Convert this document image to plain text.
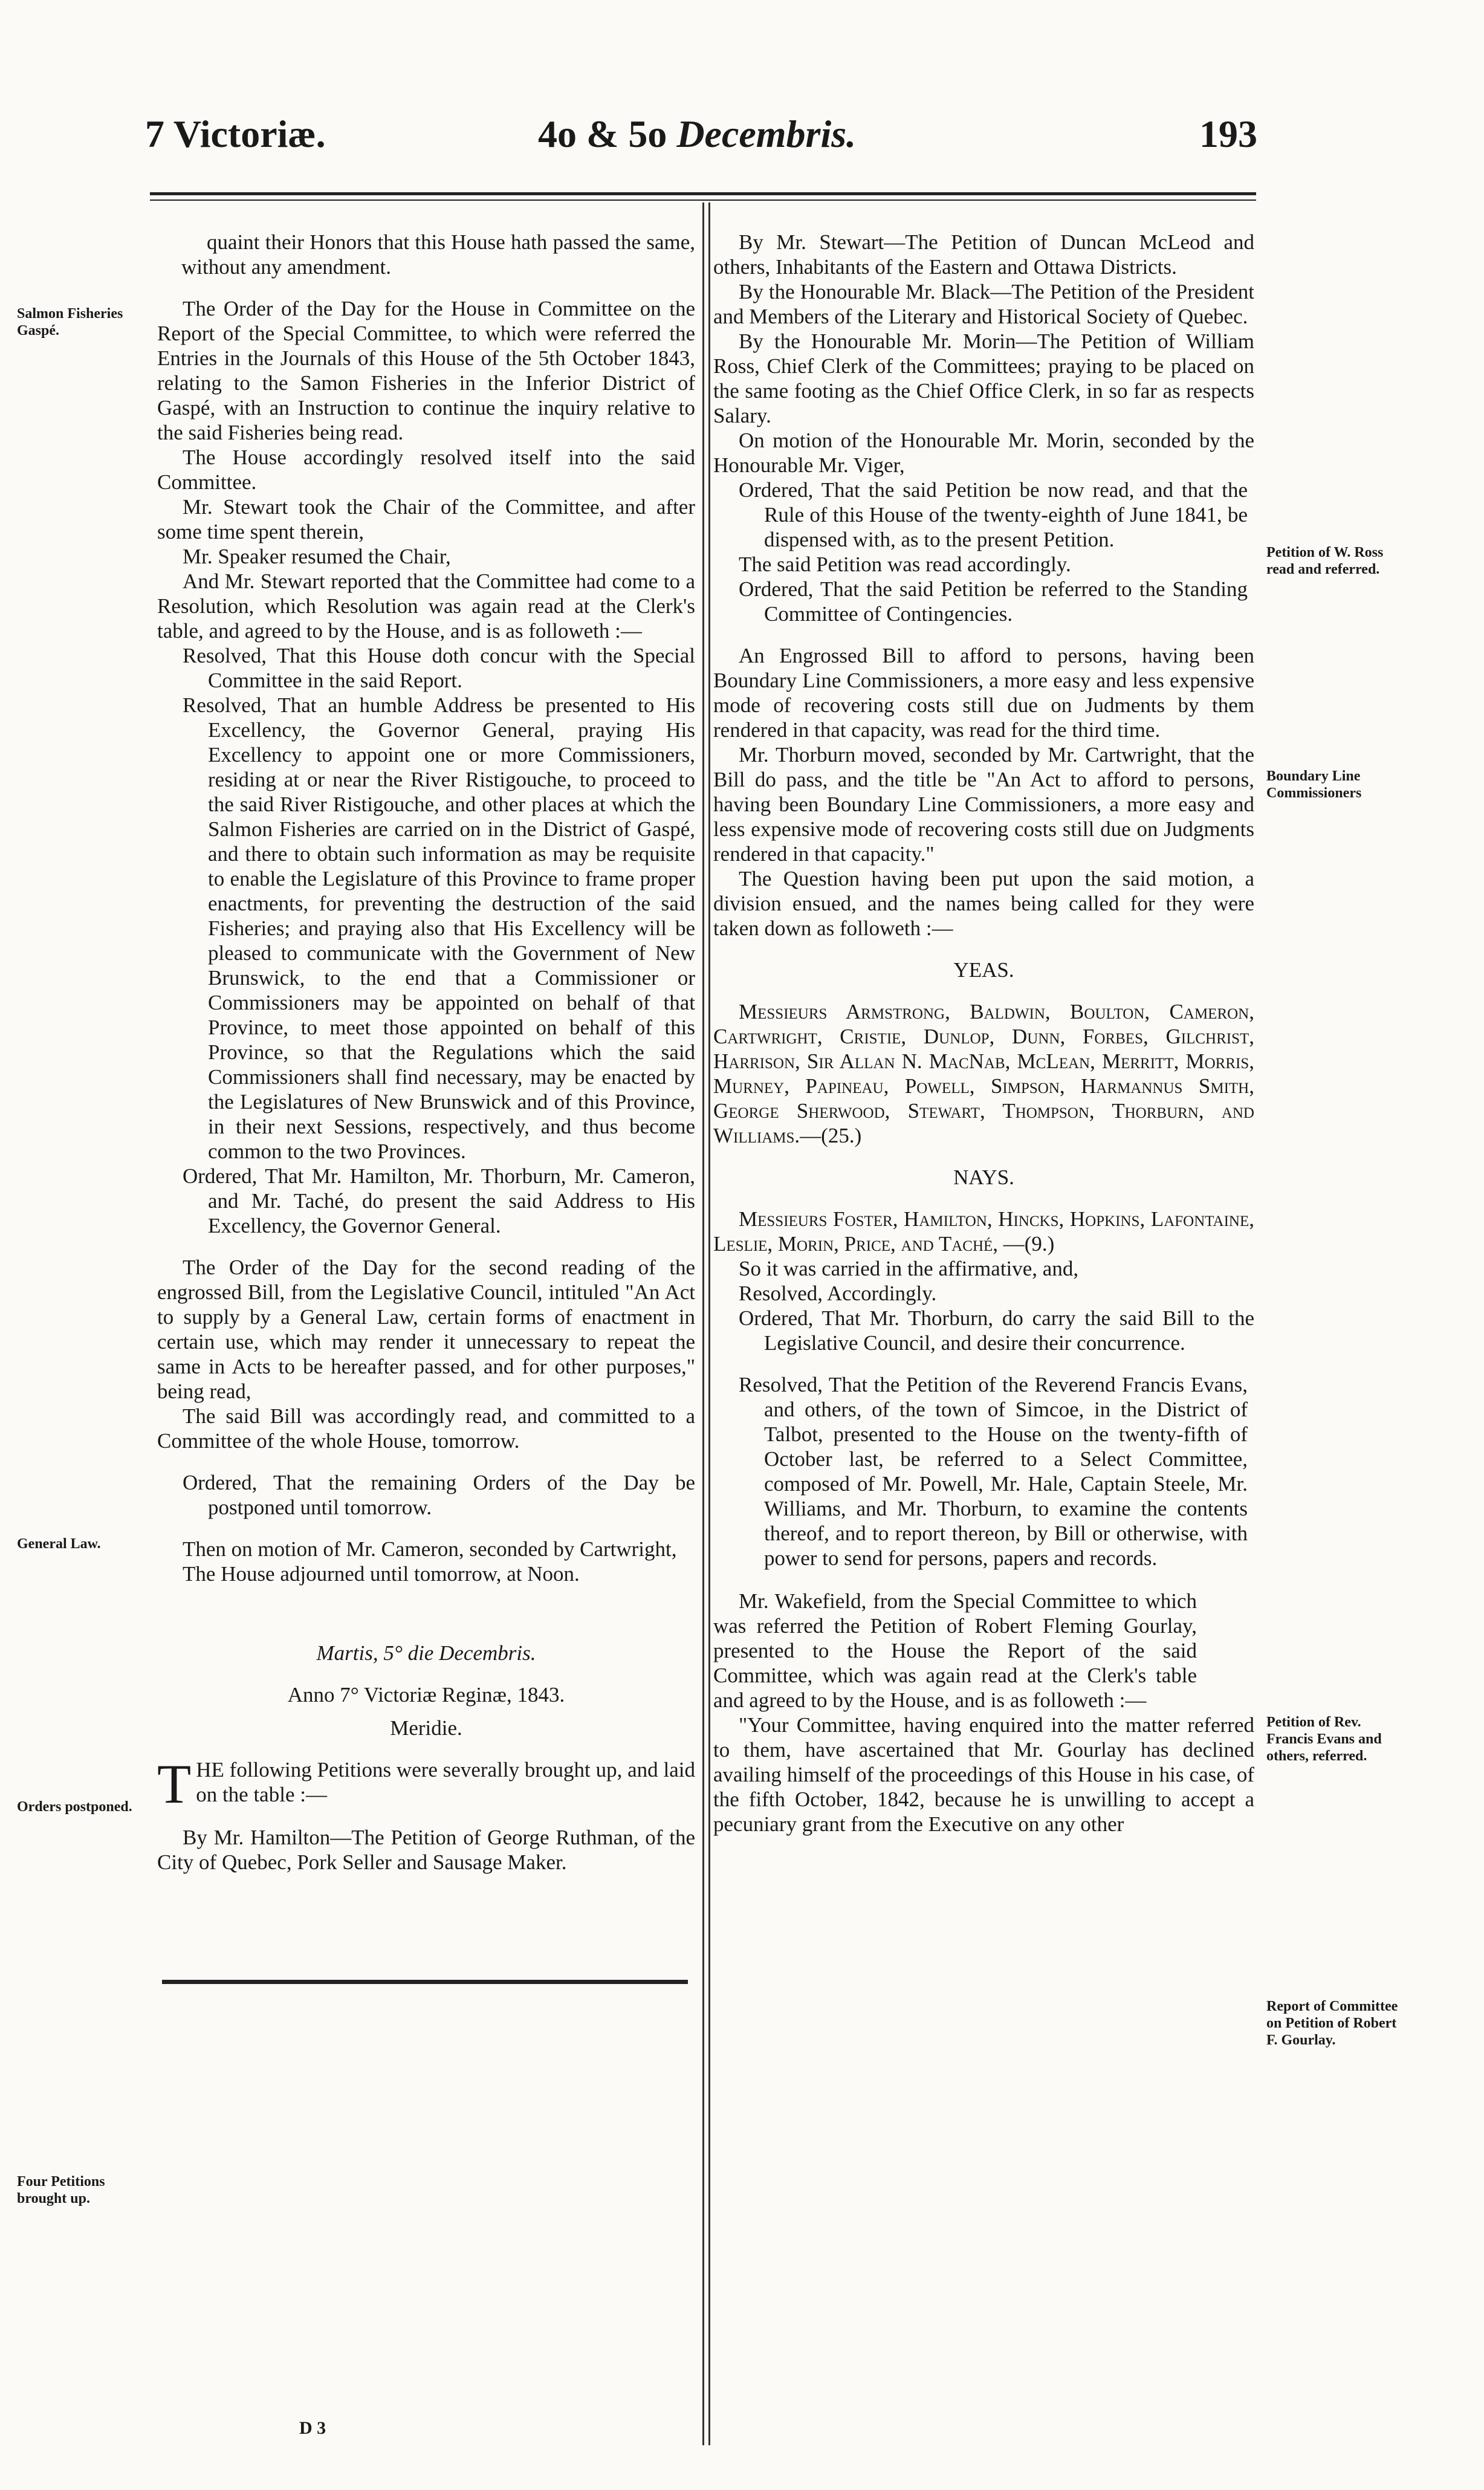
7 Victoriæ.	4o & 5o Decembris.	193
Salmon Fisheries Gaspé.
General Law.
Orders postponed.
Four Petitions brought up.
Petition of W. Ross read and referred.
Boundary Line Commissioners
Petition of Rev. Francis Evans and others, referred.
Report of Committee on Petition of Robert F. Gourlay.

quaint their Honors that this House hath passed the same, without any amendment.

The Order of the Day for the House in Committee on the Report of the Special Committee, to which were referred the Entries in the Journals of this House of the 5th October 1843, relating to the Samon Fisheries in the Inferior District of Gaspé, with an Instruction to continue the inquiry relative to the said Fisheries being read.

The House accordingly resolved itself into the said Committee.

Mr. Stewart took the Chair of the Committee, and after some time spent therein,

Mr. Speaker resumed the Chair,

And Mr. Stewart reported that the Committee had come to a Resolution, which Resolution was again read at the Clerk's table, and agreed to by the House, and is as followeth :—

Resolved, That this House doth concur with the Special Committee in the said Report.

Resolved, That an humble Address be presented to His Excellency, the Governor General, praying His Excellency to appoint one or more Commissioners, residing at or near the River Ristigouche, to proceed to the said River Ristigouche, and other places at which the Salmon Fisheries are carried on in the District of Gaspé, and there to obtain such information as may be requisite to enable the Legislature of this Province to frame proper enactments, for preventing the destruction of the said Fisheries; and praying also that His Excellency will be pleased to communicate with the Government of New Brunswick, to the end that a Commissioner or Commissioners may be appointed on behalf of that Province, to meet those appointed on behalf of this Province, so that the Regulations which the said Commissioners shall find necessary, may be enacted by the Legislatures of New Brunswick and of this Province, in their next Sessions, respectively, and thus become common to the two Provinces.

Ordered, That Mr. Hamilton, Mr. Thorburn, Mr. Cameron, and Mr. Taché, do present the said Address to His Excellency, the Governor General.

The Order of the Day for the second reading of the engrossed Bill, from the Legislative Council, intituled "An Act to supply by a General Law, certain forms of enactment in certain use, which may render it unnecessary to repeat the same in Acts to be hereafter passed, and for other purposes," being read,

The said Bill was accordingly read, and committed to a Committee of the whole House, tomorrow.

Ordered, That the remaining Orders of the Day be postponed until tomorrow.

Then on motion of Mr. Cameron, seconded by Cartwright,

The House adjourned until tomorrow, at Noon.

Martis, 5° die Decembris.

Anno 7° Victoriæ Reginæ, 1843.

Meridie.

THE following Petitions were severally brought up, and laid on the table :—

By Mr. Hamilton—The Petition of George Ruthman, of the City of Quebec, Pork Seller and Sausage Maker.

D 3

By Mr. Stewart—The Petition of Duncan McLeod and others, Inhabitants of the Eastern and Ottawa Districts.

By the Honourable Mr. Black—The Petition of the President and Members of the Literary and Historical Society of Quebec.

By the Honourable Mr. Morin—The Petition of William Ross, Chief Clerk of the Committees; praying to be placed on the same footing as the Chief Office Clerk, in so far as respects Salary.

On motion of the Honourable Mr. Morin, seconded by the Honourable Mr. Viger,

Ordered, That the said Petition be now read, and that the Rule of this House of the twenty-eighth of June 1841, be dispensed with, as to the present Petition.

The said Petition was read accordingly.

Ordered, That the said Petition be referred to the Standing Committee of Contingencies.

An Engrossed Bill to afford to persons, having been Boundary Line Commissioners, a more easy and less expensive mode of recovering costs still due on Judments by them rendered in that capacity, was read for the third time.

Mr. Thorburn moved, seconded by Mr. Cartwright, that the Bill do pass, and the title be "An Act to afford to persons, having been Boundary Line Commissioners, a more easy and less expensive mode of recovering costs still due on Judgments rendered in that capacity."

The Question having been put upon the said motion, a division ensued, and the names being called for they were taken down as followeth :—

YEAS.

Messieurs Armstrong, Baldwin, Boulton, Cameron, Cartwright, Cristie, Dunlop, Dunn, Forbes, Gilchrist, Harrison, Sir Allan N. MacNab, McLean, Merritt, Morris, Murney, Papineau, Powell, Simpson, Harmannus Smith, George Sherwood, Stewart, Thompson, Thorburn, and Williams.—(25.)

NAYS.

Messieurs Foster, Hamilton, Hincks, Hopkins, Lafontaine, Leslie, Morin, Price, and Taché, —(9.)

So it was carried in the affirmative, and,

Resolved, Accordingly.

Ordered, That Mr. Thorburn, do carry the said Bill to the Legislative Council, and desire their concurrence.

Resolved, That the Petition of the Reverend Francis Evans, and others, of the town of Simcoe, in the District of Talbot, presented to the House on the twenty-fifth of October last, be referred to a Select Committee, composed of Mr. Powell, Mr. Hale, Captain Steele, Mr. Williams, and Mr. Thorburn, to examine the contents thereof, and to report thereon, by Bill or otherwise, with power to send for persons, papers and records.

Mr. Wakefield, from the Special Committee to which was referred the Petition of Robert Fleming Gourlay, presented to the House the Report of the said Committee, which was again read at the Clerk's table and agreed to by the House, and is as followeth :—

"Your Committee, having enquired into the matter referred to them, have ascertained that Mr. Gourlay has declined availing himself of the proceedings of this House in his case, of the fifth October, 1842, because he is unwilling to accept a pecuniary grant from the Executive on any other
